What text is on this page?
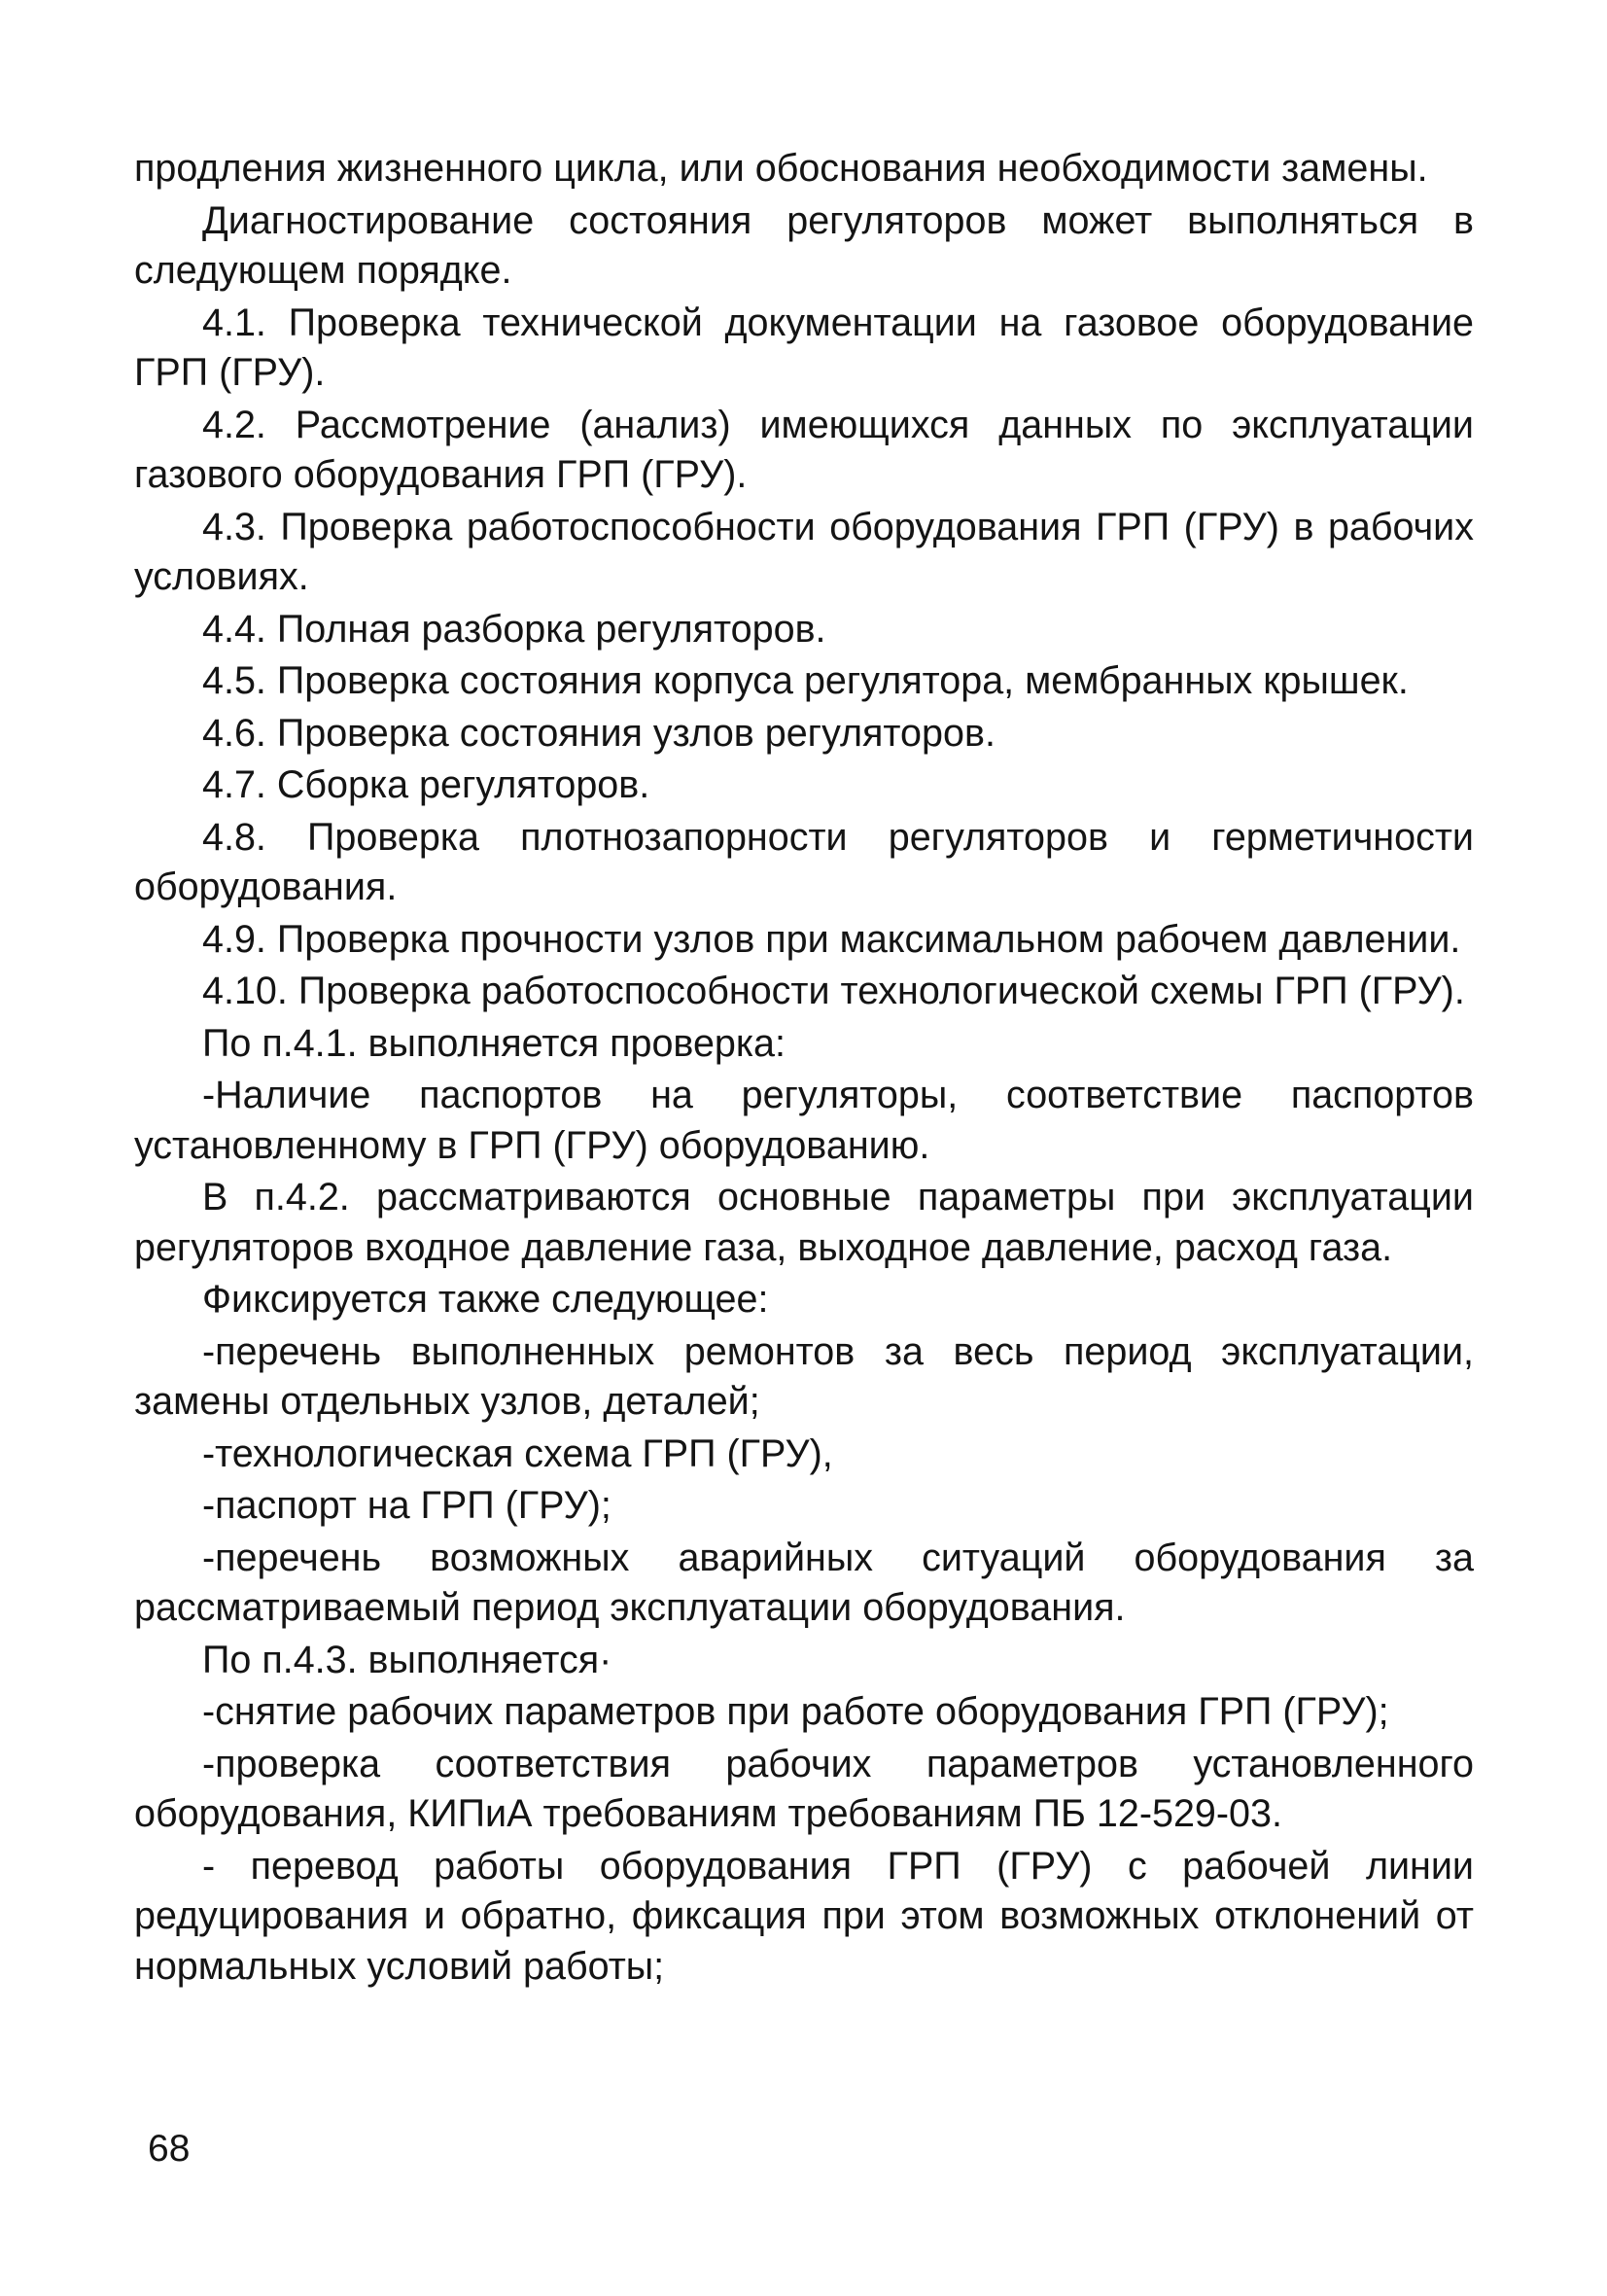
продления жизненного цикла, или обоснования необходимости замены.

Диагностирование состояния регуляторов может выполняться в следующем порядке.

4.1. Проверка технической документации на газовое оборудование ГРП (ГРУ).

4.2. Рассмотрение (анализ) имеющихся данных по эксплуатации газового оборудования ГРП (ГРУ).

4.3. Проверка работоспособности оборудования ГРП (ГРУ) в рабочих условиях.

4.4. Полная разборка регуляторов.

4.5. Проверка состояния корпуса регулятора, мембранных крышек.

4.6. Проверка состояния узлов регуляторов.

4.7. Сборка регуляторов.

4.8. Проверка плотнозапорности регуляторов и герметичности оборудования.

4.9. Проверка прочности узлов при максимальном рабочем давлении.

4.10. Проверка работоспособности технологической схемы ГРП (ГРУ).

По п.4.1. выполняется проверка:

-Наличие паспортов на регуляторы, соответствие паспортов установленному в ГРП (ГРУ) оборудованию.

В п.4.2. рассматриваются основные параметры при эксплуатации регуляторов входное давление газа, выходное давление, расход газа.

Фиксируется также следующее:

-перечень выполненных ремонтов за весь период эксплуатации, замены отдельных узлов, деталей;

-технологическая схема ГРП (ГРУ),

-паспорт на ГРП (ГРУ);

-перечень возможных аварийных ситуаций оборудования за рассматриваемый период эксплуатации оборудования.

По п.4.3. выполняется·

-снятие рабочих параметров при работе оборудования ГРП (ГРУ);

-проверка соответствия рабочих параметров установленного оборудования, КИПиА требованиям требованиям ПБ 12-529-03.

- перевод работы оборудования ГРП (ГРУ) с рабочей линии редуцирования и обратно, фиксация при этом возможных отклонений от нормальных условий работы;

68
